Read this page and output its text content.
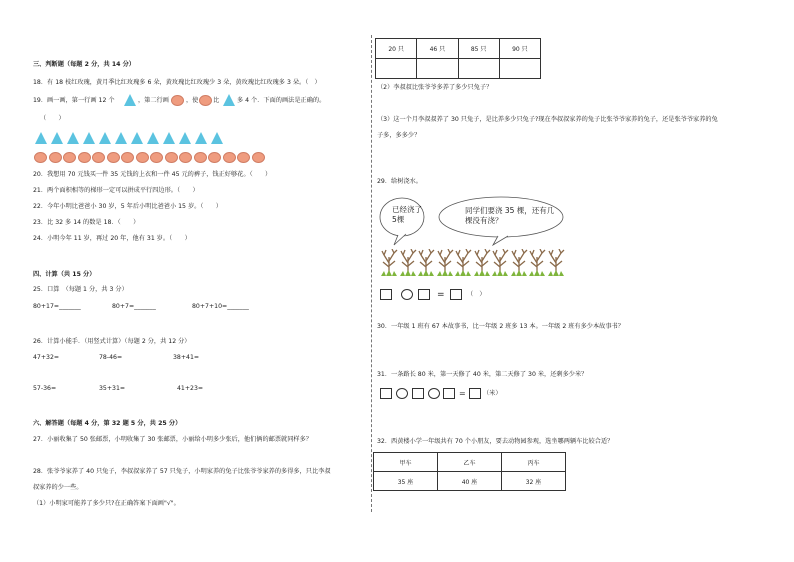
三、判断题（每题 2 分，共 14 分）
18．有 18 枝红玫瑰，黄月季比红玫瑰多 6 朵，黄玫瑰比红玫瑰少 3 朵，黄玫瑰比红玫瑰多 3 朵。（　）
19．画一画，第一行画 12 个	，第二行画	，使 比	多 4 个．下面的画法是正确的。
（　　）
20．我想用 70 元钱买一件 35 元钱的上衣和一件 45 元的裤子，钱正好够花。（　　）
21．两个面积相等的梯形一定可以拼成平行四边形。（　　）
22．今年小明比爸爸小 30 岁，5 年后小明比爸爸小 15 岁。（　　）
23．比 32 多 14 的数是 18．（　　）
24．小明今年 11 岁，再过 20 年，他有 31 岁。（　　）
四、计算（共 15 分）
25．口算　（每题 1 分，共 3 分）
80+17=_______	80+7=_______	80+7+10=_______
26．计算小能手．（用竖式计算）（每题 2 分，共 12 分）
47+32=	78-46=	38+41=
57-36=	35+31=	41+23=
六、解答题（每题 4 分，第 32 题 5 分，共 25 分）
27．小丽收集了 50 张邮票，小明收集了 30 张邮票，小丽给小明多少张后，他们俩的邮票就同样多？
28．张爷爷家养了 40 只兔子，李叔叔家养了 57 只兔子，小明家养的兔子比张爷爷家养的多得多，只比李叔
叔家养的少一些。
（1）小明家可能养了多少只?在正确答案下面画"√"。
20 只	46 只	85 只	90 只

（2）李叔叔比张爷爷多养了多少只兔子？
（3）这一个月李叔叔养了 30 只兔子，是比养多少只兔子?现在李叔叔家养的兔子比张爷爷家养的兔子，还是张爷爷家养的兔
子多，多多少？
29．给树浇水。
已经浇了5棵
同学们要浇 35 棵，还有几棵没有浇？
=	（　）
30．一年级 1 班有 67 本故事书，比一年级 2 班多 13 本。一年级 2 班有多少本故事书？
31．一条路长 80 米，第一天修了 40 米，第二天修了 30 米，还剩多少米？
=	（米）
32．西黄楼小学一年级共有 70 个小朋友，要去动物园参观，选坐哪两辆车比较合适？
甲车	乙车	丙车
35 座	40 座	32 座
